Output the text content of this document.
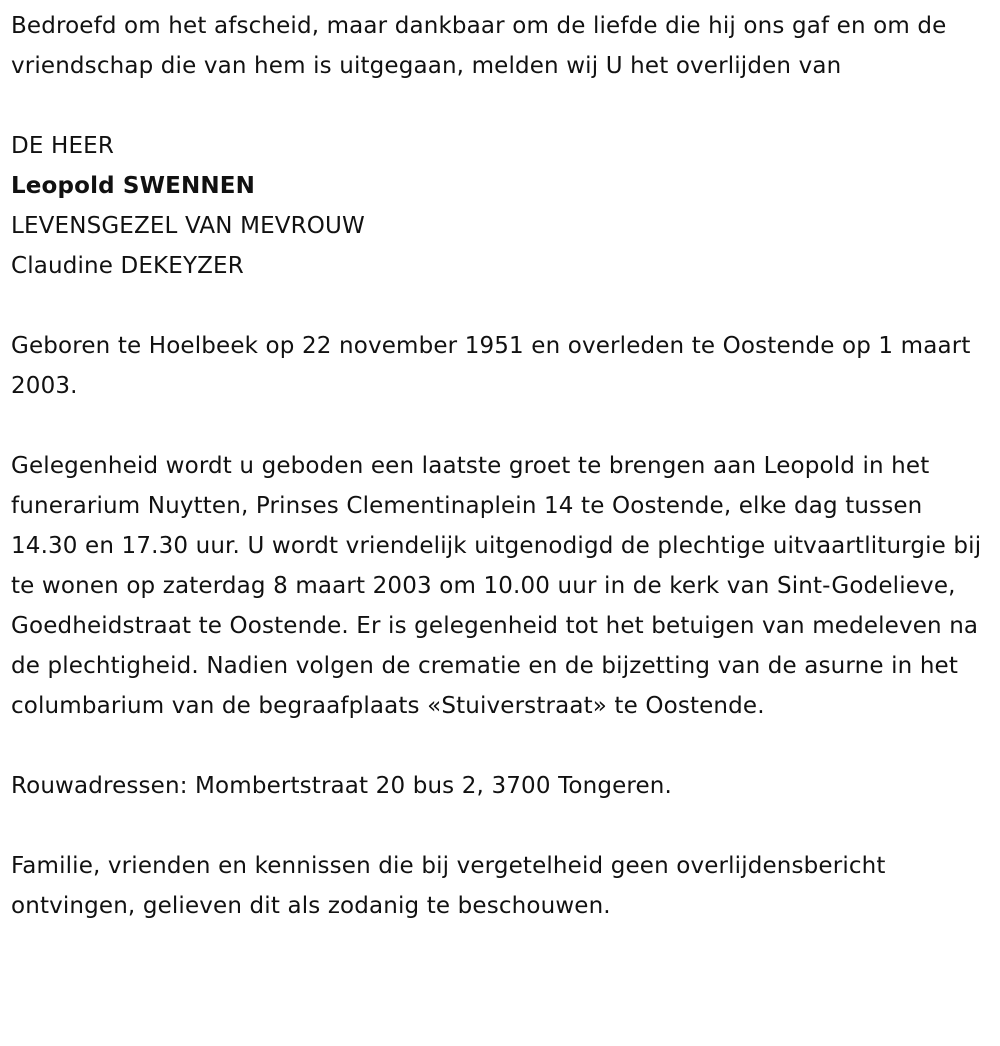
Bedroefd om het afscheid, maar dankbaar om de liefde die hij ons gaf en om de vriendschap die van hem is uitgegaan, melden wij U het overlijden van

DE HEER

Leopold SWENNEN

LEVENSGEZEL VAN MEVROUW

Claudine DEKEYZER

Geboren te Hoelbeek op 22 november 1951 en overleden te Oostende op 1 maart 2003.

Gelegenheid wordt u geboden een laatste groet te brengen aan Leopold in het funerarium Nuytten, Prinses Clementinaplein 14 te Oostende, elke dag tussen 14.30 en 17.30 uur. U wordt vriendelijk uitgenodigd de plechtige uitvaartliturgie bij te wonen op zaterdag 8 maart 2003 om 10.00 uur in de kerk van Sint-Godelieve, Goedheidstraat te Oostende. Er is gelegenheid tot het betuigen van medeleven na de plechtigheid. Nadien volgen de crematie en de bijzetting van de asurne in het columbarium van de begraafplaats «Stuiverstraat» te Oostende.

Rouwadressen: Mombertstraat 20 bus 2, 3700 Tongeren.

Familie, vrienden en kennissen die bij vergetelheid geen overlijdensbericht ontvingen, gelieven dit als zodanig te beschouwen.
